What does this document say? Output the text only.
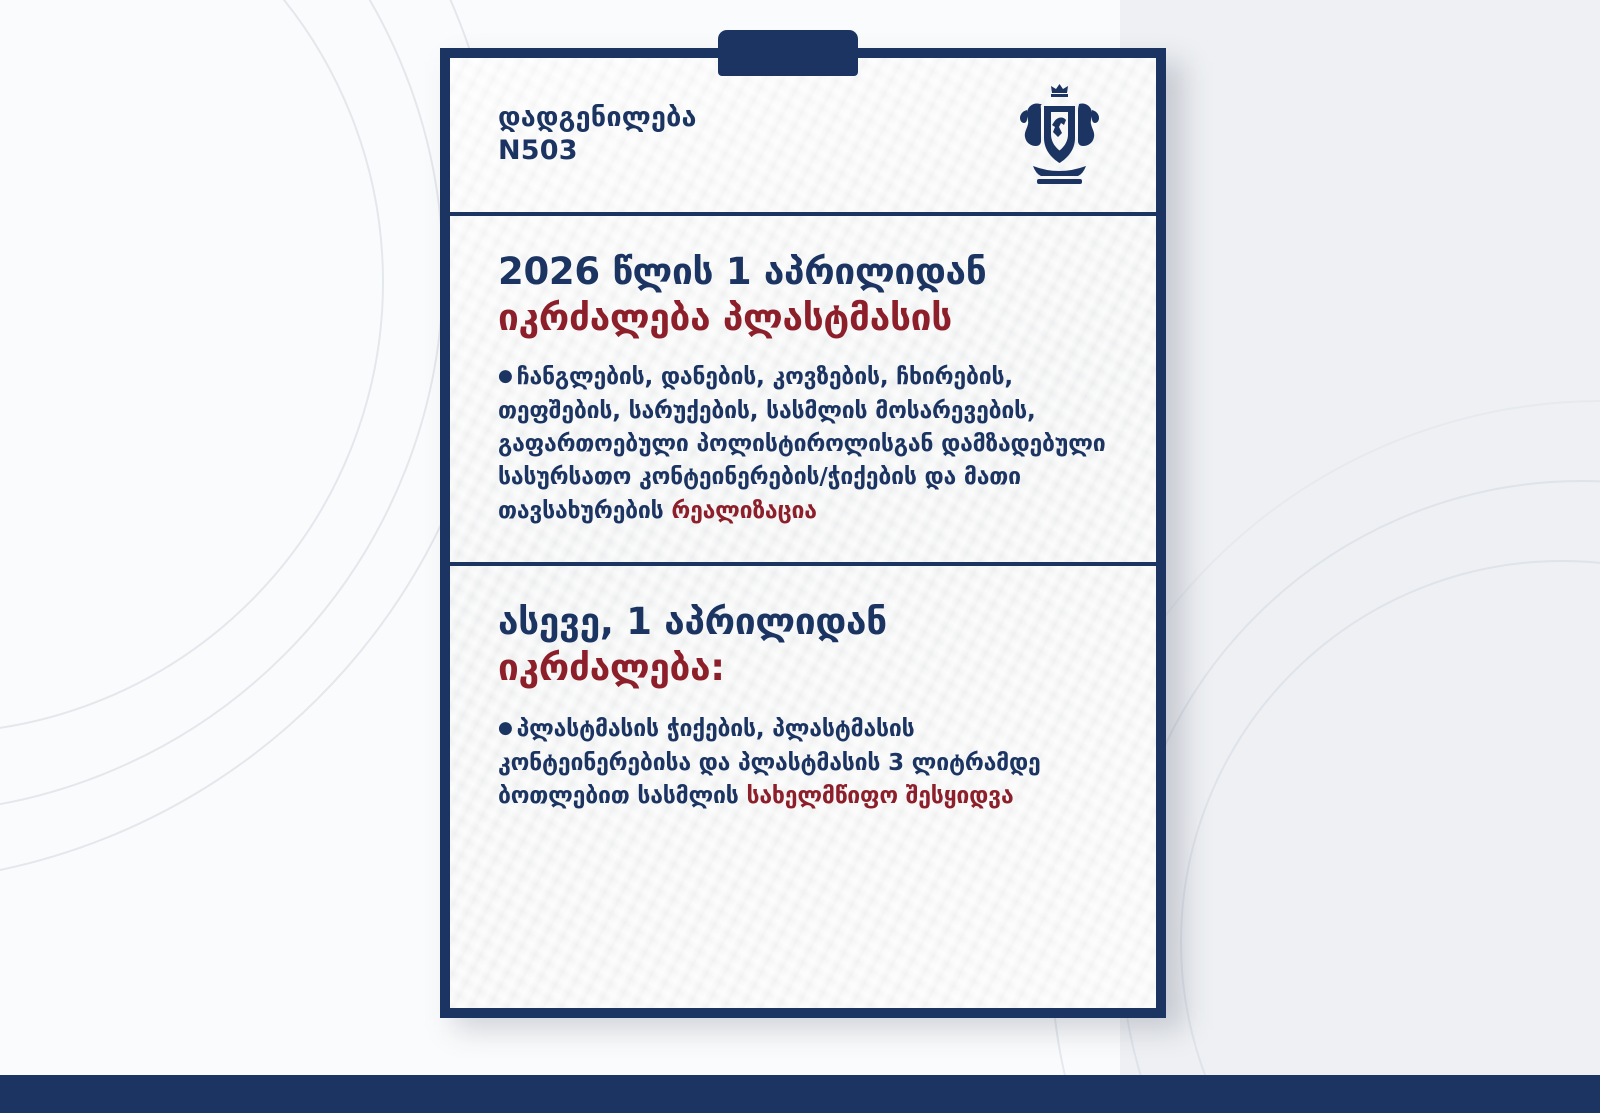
დადგენილება
N503
2026 წლის 1 აპრილიდან
იკრძალება პლასტმასის
● ჩანგლების, დანების, კოვზების, ჩხირების, თეფშების, სარუქების, სასმლის მოსარევების, გაფართოებული პოლისტიროლისგან დამზადებული სასურსათო კონტეინერების/ჭიქების და მათი თავსახურების რეალიზაცია
ასევე, 1 აპრილიდან
იკრძალება:
● პლასტმასის ჭიქების, პლასტმასის კონტეინერებისა და პლასტმასის 3 ლიტრამდე ბოთლებით სასმლის სახელმწიფო შესყიდვა
